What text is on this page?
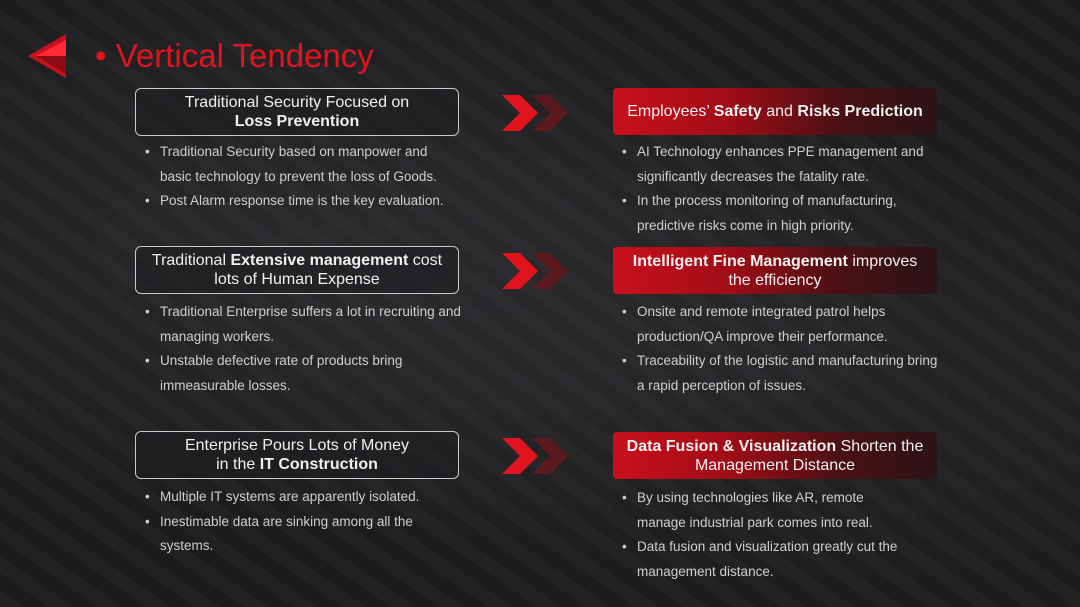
• Vertical Tendency
Traditional Security Focused on
Loss Prevention
Employees’ Safety and Risks Prediction
• Traditional Security based on manpower and basic technology to prevent the loss of Goods.
• Post Alarm response time is the key evaluation.
• AI Technology enhances PPE management and significantly decreases the fatality rate.
• In the process monitoring of manufacturing, predictive risks come in high priority.
Traditional Extensive management cost
lots of Human Expense
Intelligent Fine Management improves
the efficiency
• Traditional Enterprise suffers a lot in recruiting and managing workers.
• Unstable defective rate of products bring immeasurable losses.
• Onsite and remote integrated patrol helps production/QA improve their performance.
• Traceability of the logistic and manufacturing bring a rapid perception of issues.
Enterprise Pours Lots of Money
in the IT Construction
Data Fusion & Visualization Shorten the
Management Distance
• Multiple IT systems are apparently isolated.
• Inestimable data are sinking among all the systems.
• By using technologies like AR, remote manage industrial park comes into real.
• Data fusion and visualization greatly cut the management distance.
